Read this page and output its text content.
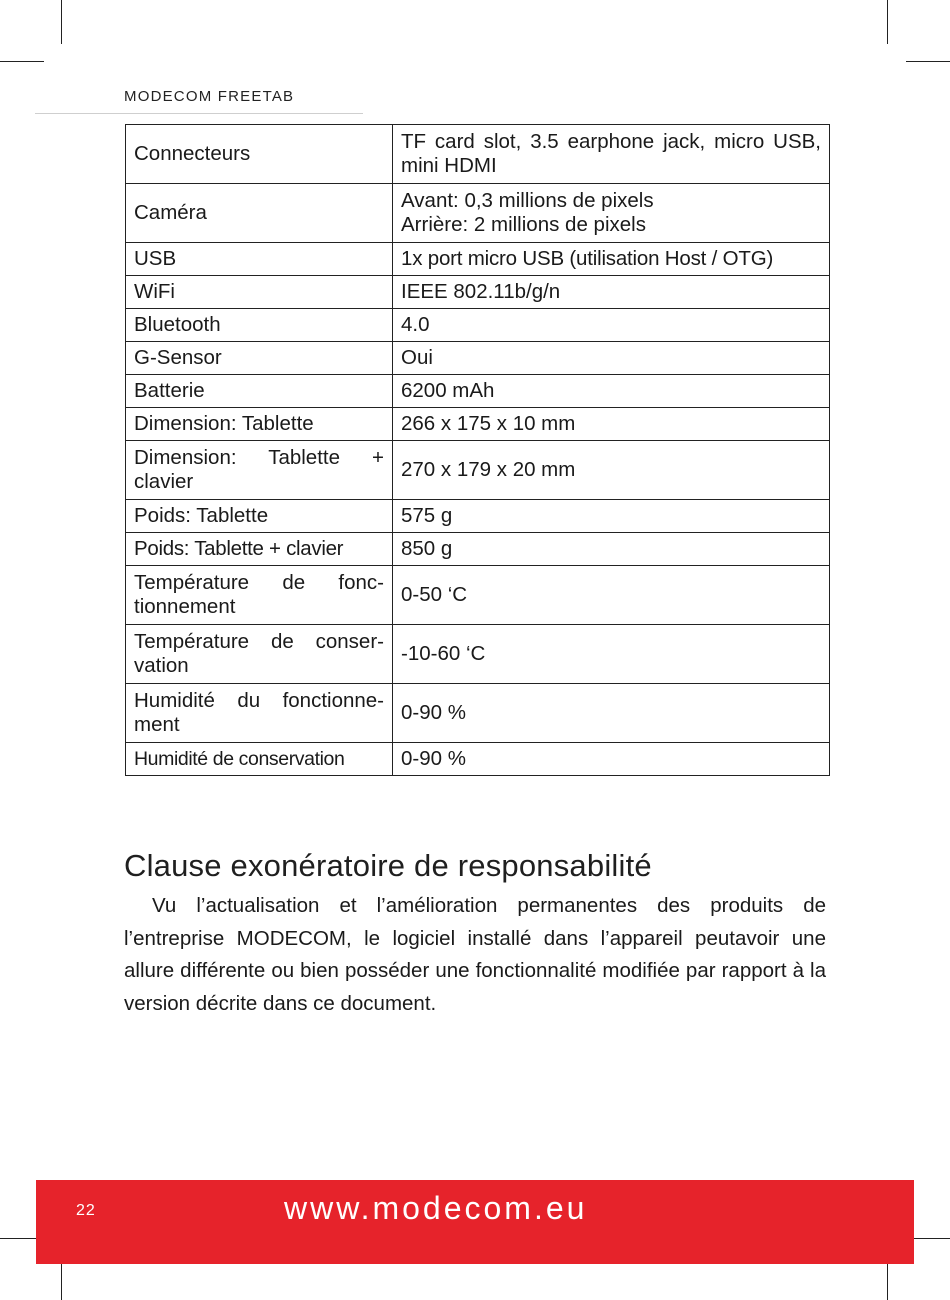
MODECOM FREETAB
Connecteurs	TF card slot, 3.5 earphone jack, micro USB, mini HDMI
Caméra	Avant: 0,3 millions de pixels
Arrière: 2 millions de pixels

USB	1x port micro USB (utilisation Host / OTG)
WiFi	IEEE 802.11b/g/n
Bluetooth	4.0
G-Sensor	Oui
Batterie	6200 mAh
Dimension: Tablette	266 x 175 x 10 mm
Dimension: Tablette + clavier	270 x 179 x 20 mm
Poids: Tablette	575 g
Poids: Tablette + clavier	850 g
Température de fonc-tionnement	0-50 ‘C
Température de conser-vation	-10-60 ‘C
Humidité du fonctionne-ment	0-90 %
Humidité de conservation	0-90 %
Clause exonératoire de responsabilité
Vu l’actualisation et l’amélioration permanentes des produits de l’entreprise MODECOM, le logiciel installé dans l’appareil peutavoir une allure différente ou bien posséder une fonctionnalité modifiée par rapport à la version décrite dans ce document.
22	www.modecom.eu
